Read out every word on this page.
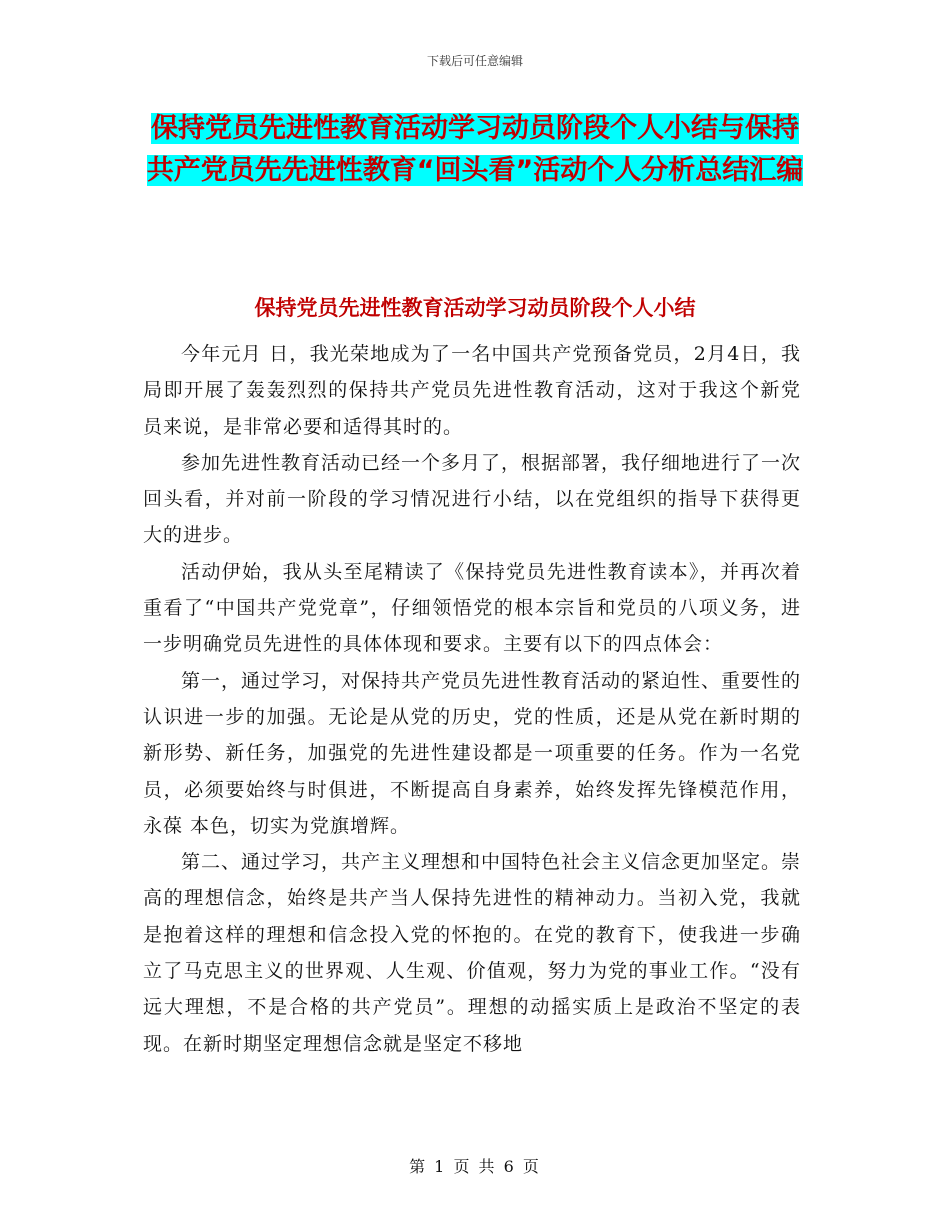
下载后可任意编辑
保持党员先进性教育活动学习动员阶段个人小结与保持共产党员先先进性教育“回头看”活动个人分析总结汇编
保持党员先进性教育活动学习动员阶段个人小结

今年元月 日，我光荣地成为了一名中国共产党预备党员，2月4日，我局即开展了轰轰烈烈的保持共产党员先进性教育活动，这对于我这个新党员来说，是非常必要和适得其时的。

参加先进性教育活动已经一个多月了，根据部署，我仔细地进行了一次回头看，并对前一阶段的学习情况进行小结，以在党组织的指导下获得更大的进步。

活动伊始，我从头至尾精读了《保持党员先进性教育读本》，并再次着重看了“中国共产党党章”，仔细领悟党的根本宗旨和党员的八项义务，进一步明确党员先进性的具体体现和要求。主要有以下的四点体会：

第一，通过学习，对保持共产党员先进性教育活动的紧迫性、重要性的认识进一步的加强。无论是从党的历史，党的性质，还是从党在新时期的新形势、新任务，加强党的先进性建设都是一项重要的任务。作为一名党员，必须要始终与时俱进，不断提高自身素养，始终发挥先锋模范作用，永葆 本色，切实为党旗增辉。

第二、通过学习，共产主义理想和中国特色社会主义信念更加坚定。崇高的理想信念，始终是共产当人保持先进性的精神动力。当初入党，我就是抱着这样的理想和信念投入党的怀抱的。在党的教育下，使我进一步确立了马克思主义的世界观、人生观、价值观，努力为党的事业工作。“没有远大理想，不是合格的共产党员”。理想的动摇实质上是政治不坚定的表现。在新时期坚定理想信念就是坚定不移地

第 1 页 共 6 页
